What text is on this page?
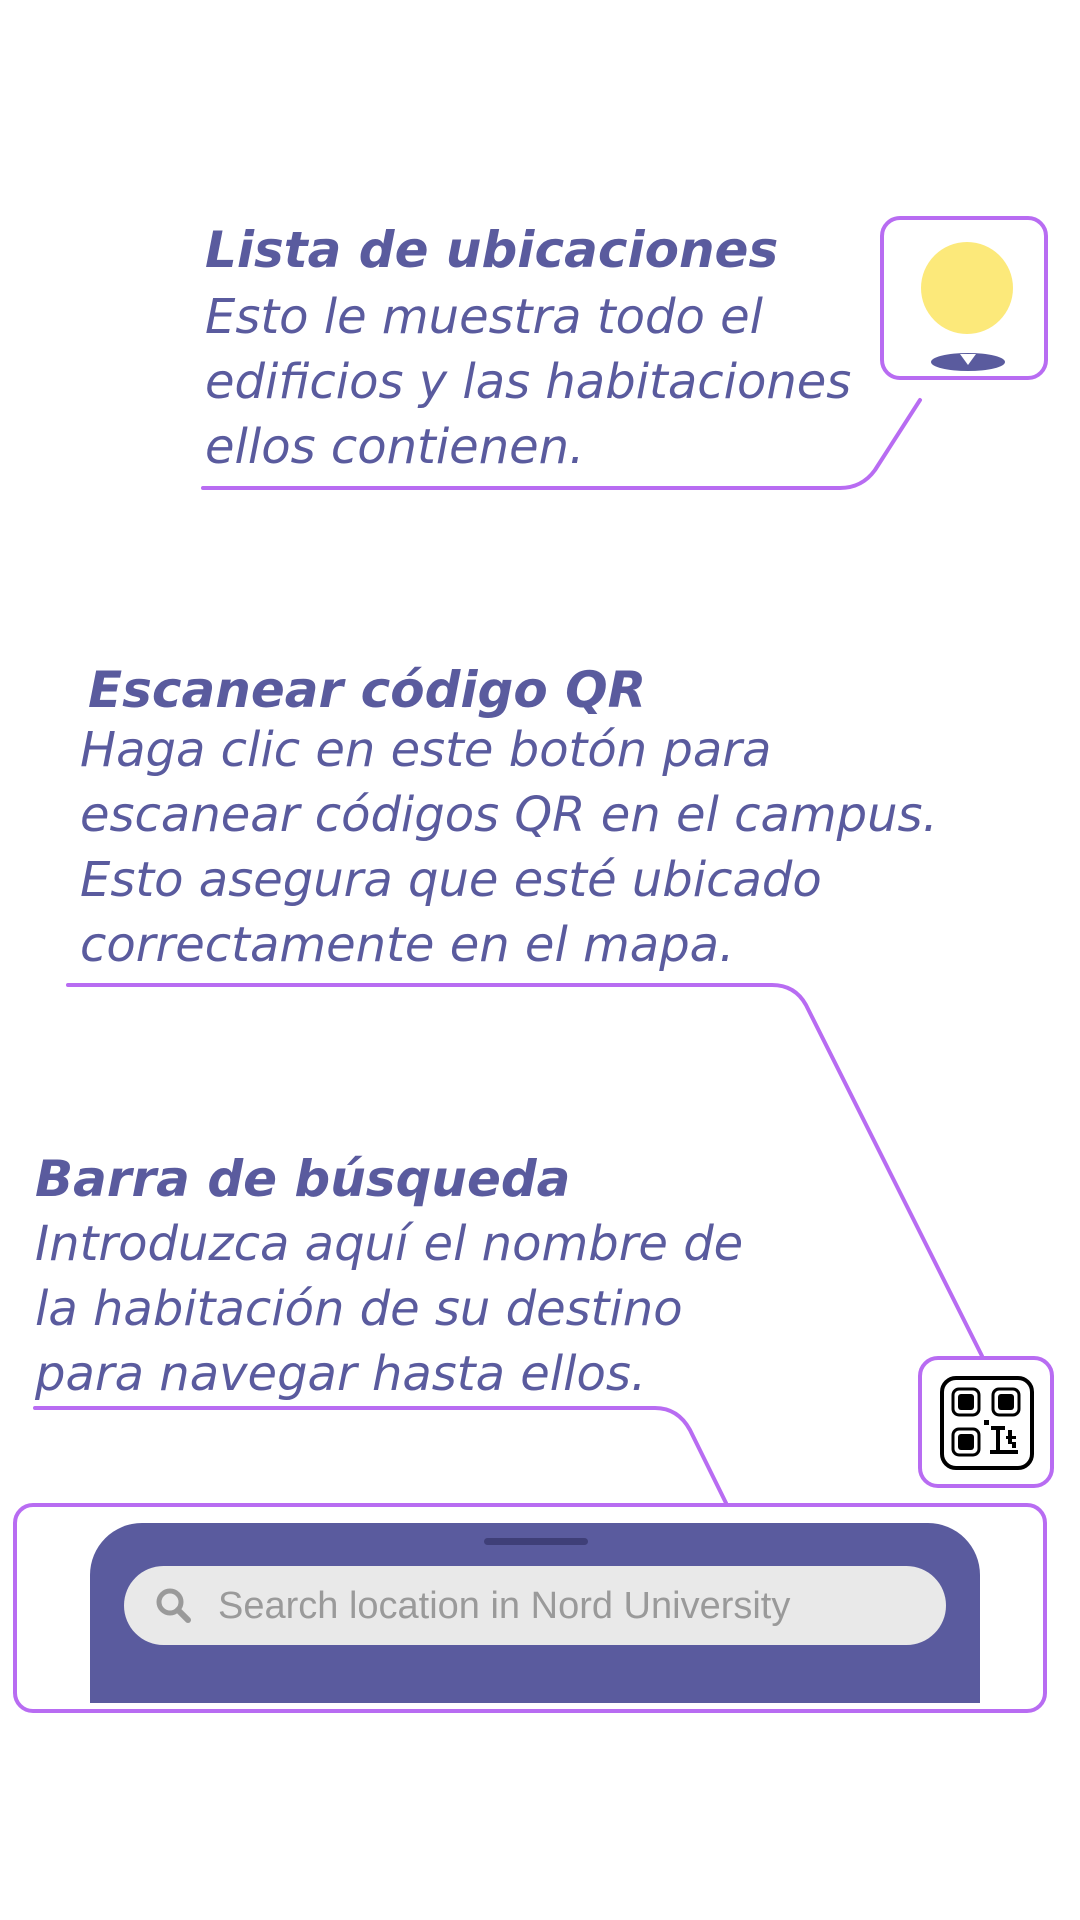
Lista de ubicaciones

Esto le muestra todo el
edificios y las habitaciones
ellos contienen.

Escanear código QR

Haga clic en este botón para
escanear códigos QR en el campus.
Esto asegura que esté ubicado
correctamente en el mapa.

Barra de búsqueda

Introduzca aquí el nombre de
la habitación de su destino
para navegar hasta ellos.

Search location in Nord University
